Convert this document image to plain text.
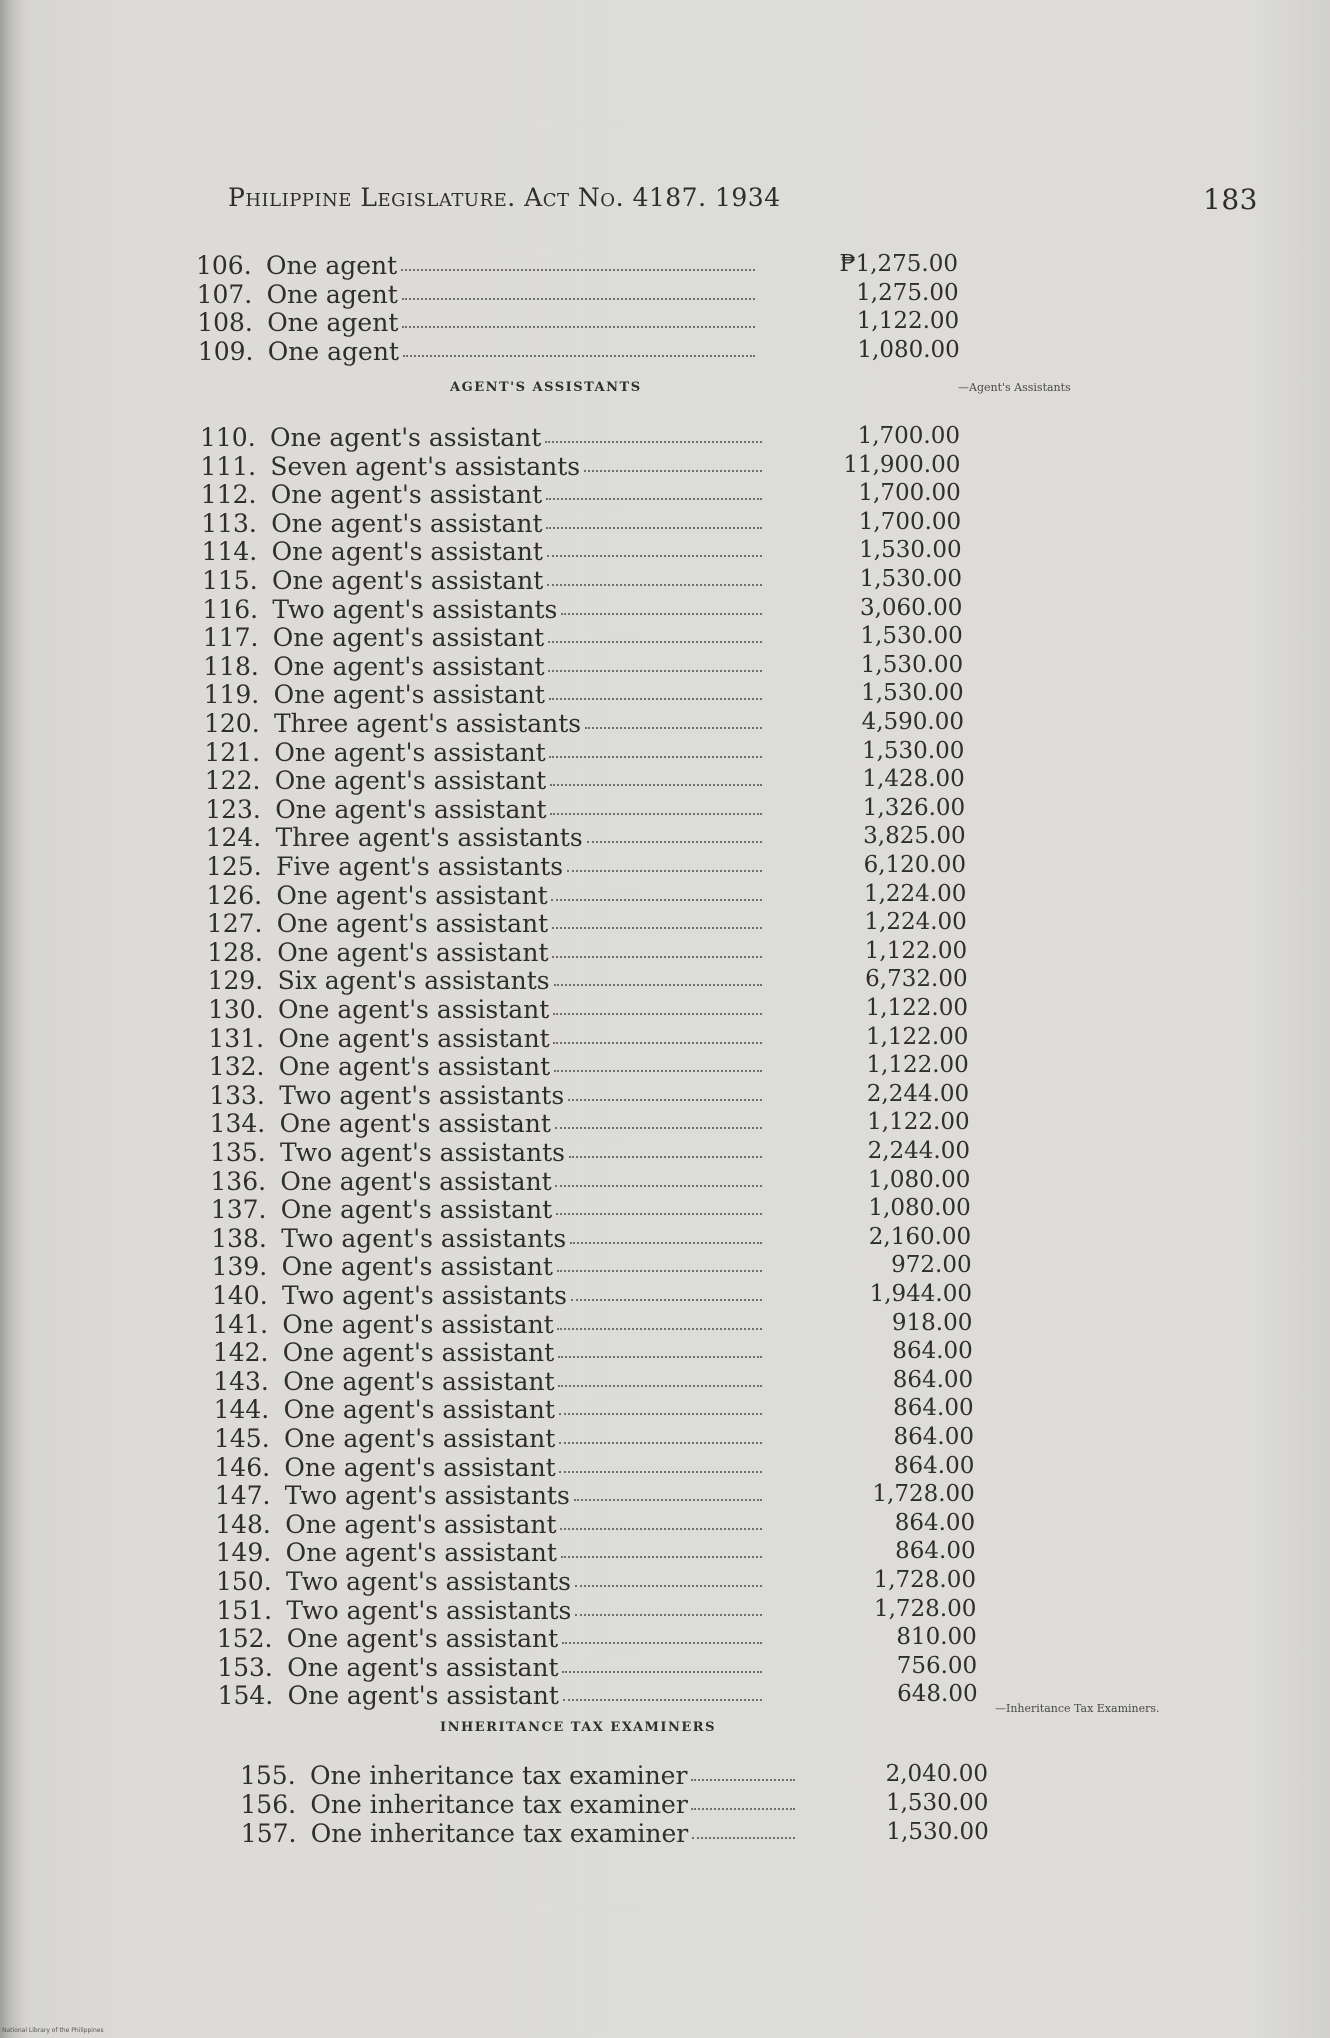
Philippine Legislature. Act No. 4187. 1934	183
AGENT'S ASSISTANTS	—Agent's Assistants
INHERITANCE TAX EXAMINERS
—Inheritance Tax Examiners.
106. One agent	₱1,275.00
107. One agent	1,275.00
108. One agent	1,122.00
109. One agent	1,080.00
110. One agent's assistant	1,700.00
111. Seven agent's assistants	11,900.00
112. One agent's assistant	1,700.00
113. One agent's assistant	1,700.00
114. One agent's assistant	1,530.00
115. One agent's assistant	1,530.00
116. Two agent's assistants	3,060.00
117. One agent's assistant	1,530.00
118. One agent's assistant	1,530.00
119. One agent's assistant	1,530.00
120. Three agent's assistants	4,590.00
121. One agent's assistant	1,530.00
122. One agent's assistant	1,428.00
123. One agent's assistant	1,326.00
124. Three agent's assistants	3,825.00
125. Five agent's assistants	6,120.00
126. One agent's assistant	1,224.00
127. One agent's assistant	1,224.00
128. One agent's assistant	1,122.00
129. Six agent's assistants	6,732.00
130. One agent's assistant	1,122.00
131. One agent's assistant	1,122.00
132. One agent's assistant	1,122.00
133. Two agent's assistants	2,244.00
134. One agent's assistant	1,122.00
135. Two agent's assistants	2,244.00
136. One agent's assistant	1,080.00
137. One agent's assistant	1,080.00
138. Two agent's assistants	2,160.00
139. One agent's assistant	972.00
140. Two agent's assistants	1,944.00
141. One agent's assistant	918.00
142. One agent's assistant	864.00
143. One agent's assistant	864.00
144. One agent's assistant	864.00
145. One agent's assistant	864.00
146. One agent's assistant	864.00
147. Two agent's assistants	1,728.00
148. One agent's assistant	864.00
149. One agent's assistant	864.00
150. Two agent's assistants	1,728.00
151. Two agent's assistants	1,728.00
152. One agent's assistant	810.00
153. One agent's assistant	756.00
154. One agent's assistant	648.00
155. One inheritance tax examiner	2,040.00
156. One inheritance tax examiner	1,530.00
157. One inheritance tax examiner	1,530.00
National Library of the Philippines
